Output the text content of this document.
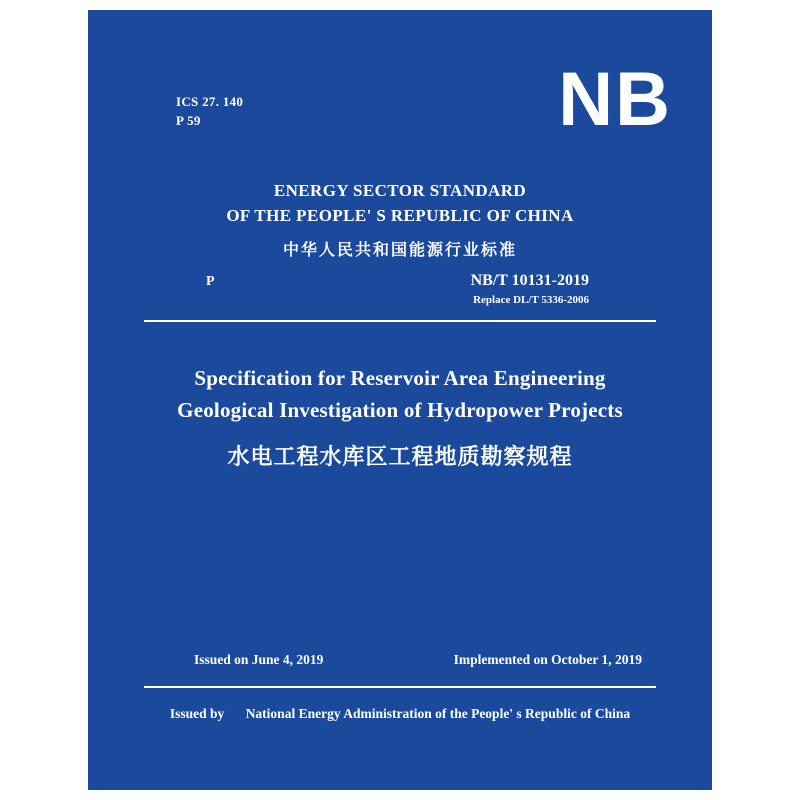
ICS 27. 140
P 59	NB
ENERGY SECTOR STANDARD
OF THE PEOPLE' S REPUBLIC OF CHINA
中华人民共和国能源行业标准
P	NB/T 10131-2019
Replace DL/T 5336-2006
Specification for Reservoir Area Engineering
Geological Investigation of Hydropower Projects
水电工程水库区工程地质勘察规程
Issued on June 4, 2019	Implemented on October 1, 2019
Issued by National Energy Administration of the People' s Republic of China
